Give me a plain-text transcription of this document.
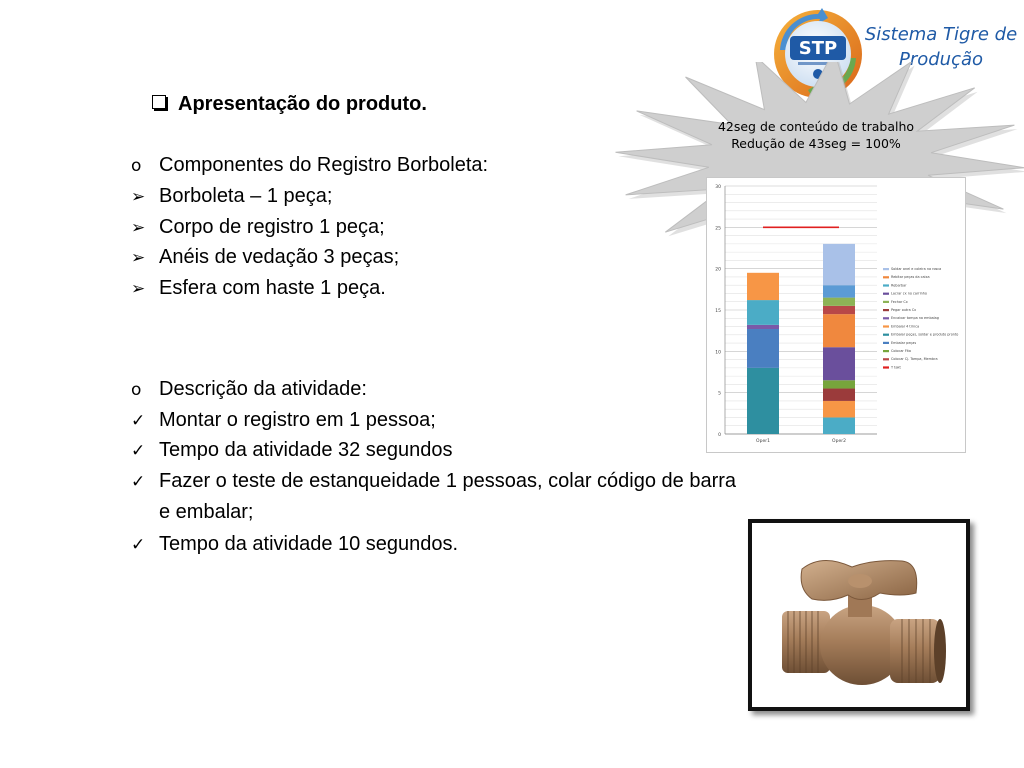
STP
Sistema Tigre de Produção
42seg de conteúdo de trabalho
Redução de 43seg = 100%
Apresentação do produto.
o Componentes do Registro Borboleta:
➢ Borboleta – 1 peça;
➢ Corpo de registro 1 peça;
➢ Anéis de vedação 3 peças;
➢ Esfera com haste 1 peça.
o Descrição da atividade:
✓ Montar o registro em 1 pessoa;
✓ Tempo da atividade 32 segundos
✓ Fazer o teste de estanqueidade 1 pessoas, colar código de barra
e embalar;
✓ Tempo da atividade 10 segundos.
0
5
10
15
20
25
30
Oper1	Oper2
Soldar anel e coleira na rosca
Rebitar peças da caixa
Rebarbar
Lacrar cx no carrinho
Fechar Cx
Pegar outra Cx
Encaixar tampa na embalag
Embalar 4 trinca
Embalar peças, soldar e produto pronto
Embalar peças
Colocar Fita
Colocar Cj. Tampa, Membra
T takt
